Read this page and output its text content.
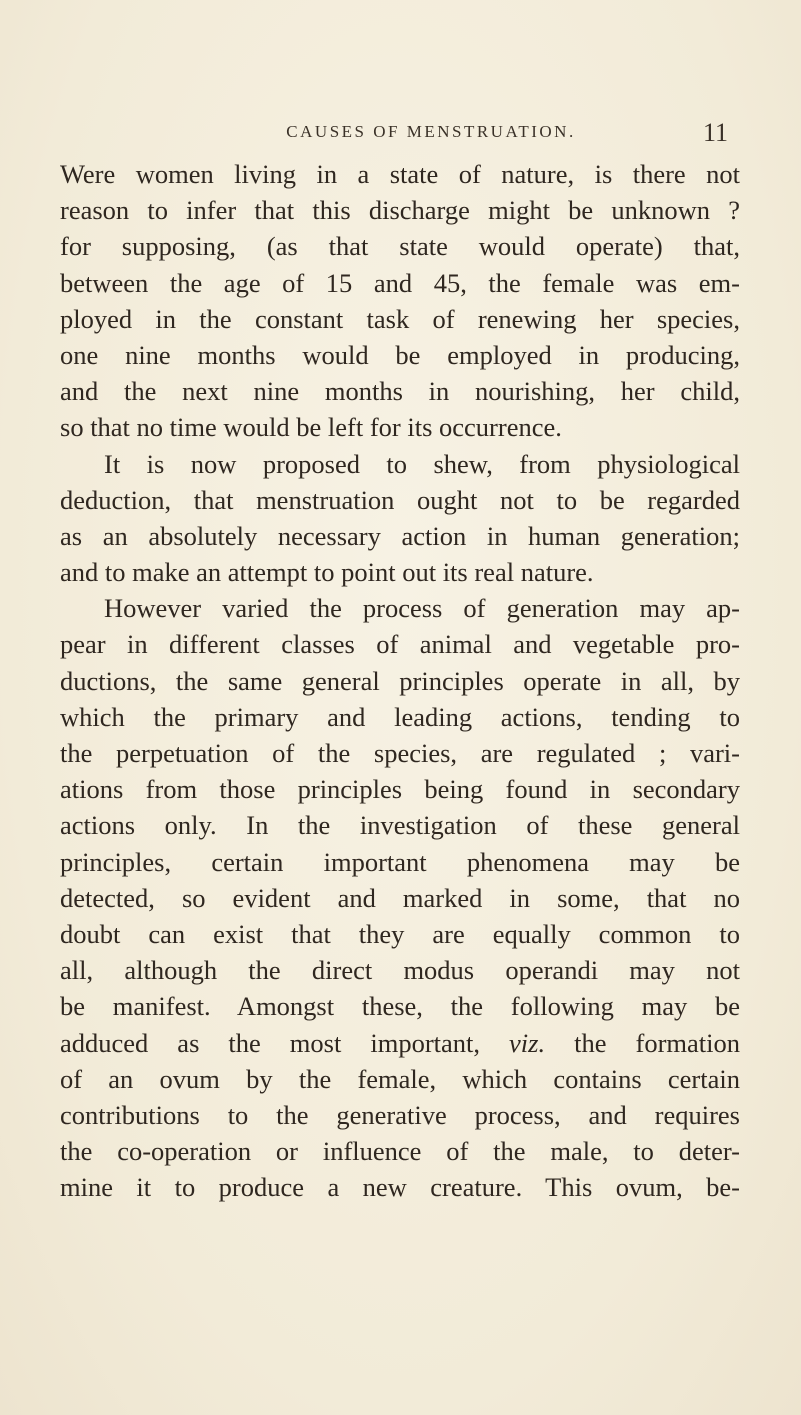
CAUSES OF MENSTRUATION.	11
Were women living in a state of nature, is there not
reason to infer that this discharge might be unknown ?
for supposing, (as that state would operate) that,
between the age of 15 and 45, the female was em-
ployed in the constant task of renewing her species,
one nine months would be employed in producing,
and the next nine months in nourishing, her child,
so that no time would be left for its occurrence.
It is now proposed to shew, from physiological
deduction, that menstruation ought not to be regarded
as an absolutely necessary action in human generation;
and to make an attempt to point out its real nature.
However varied the process of generation may ap-
pear in different classes of animal and vegetable pro-
ductions, the same general principles operate in all, by
which the primary and leading actions, tending to
the perpetuation of the species, are regulated ; vari-
ations from those principles being found in secondary
actions only. In the investigation of these general
principles, certain important phenomena may be
detected, so evident and marked in some, that no
doubt can exist that they are equally common to
all, although the direct modus operandi may not
be manifest. Amongst these, the following may be
adduced as the most important, viz. the formation
of an ovum by the female, which contains certain
contributions to the generative process, and requires
the co-operation or influence of the male, to deter-
mine it to produce a new creature. This ovum, be-
